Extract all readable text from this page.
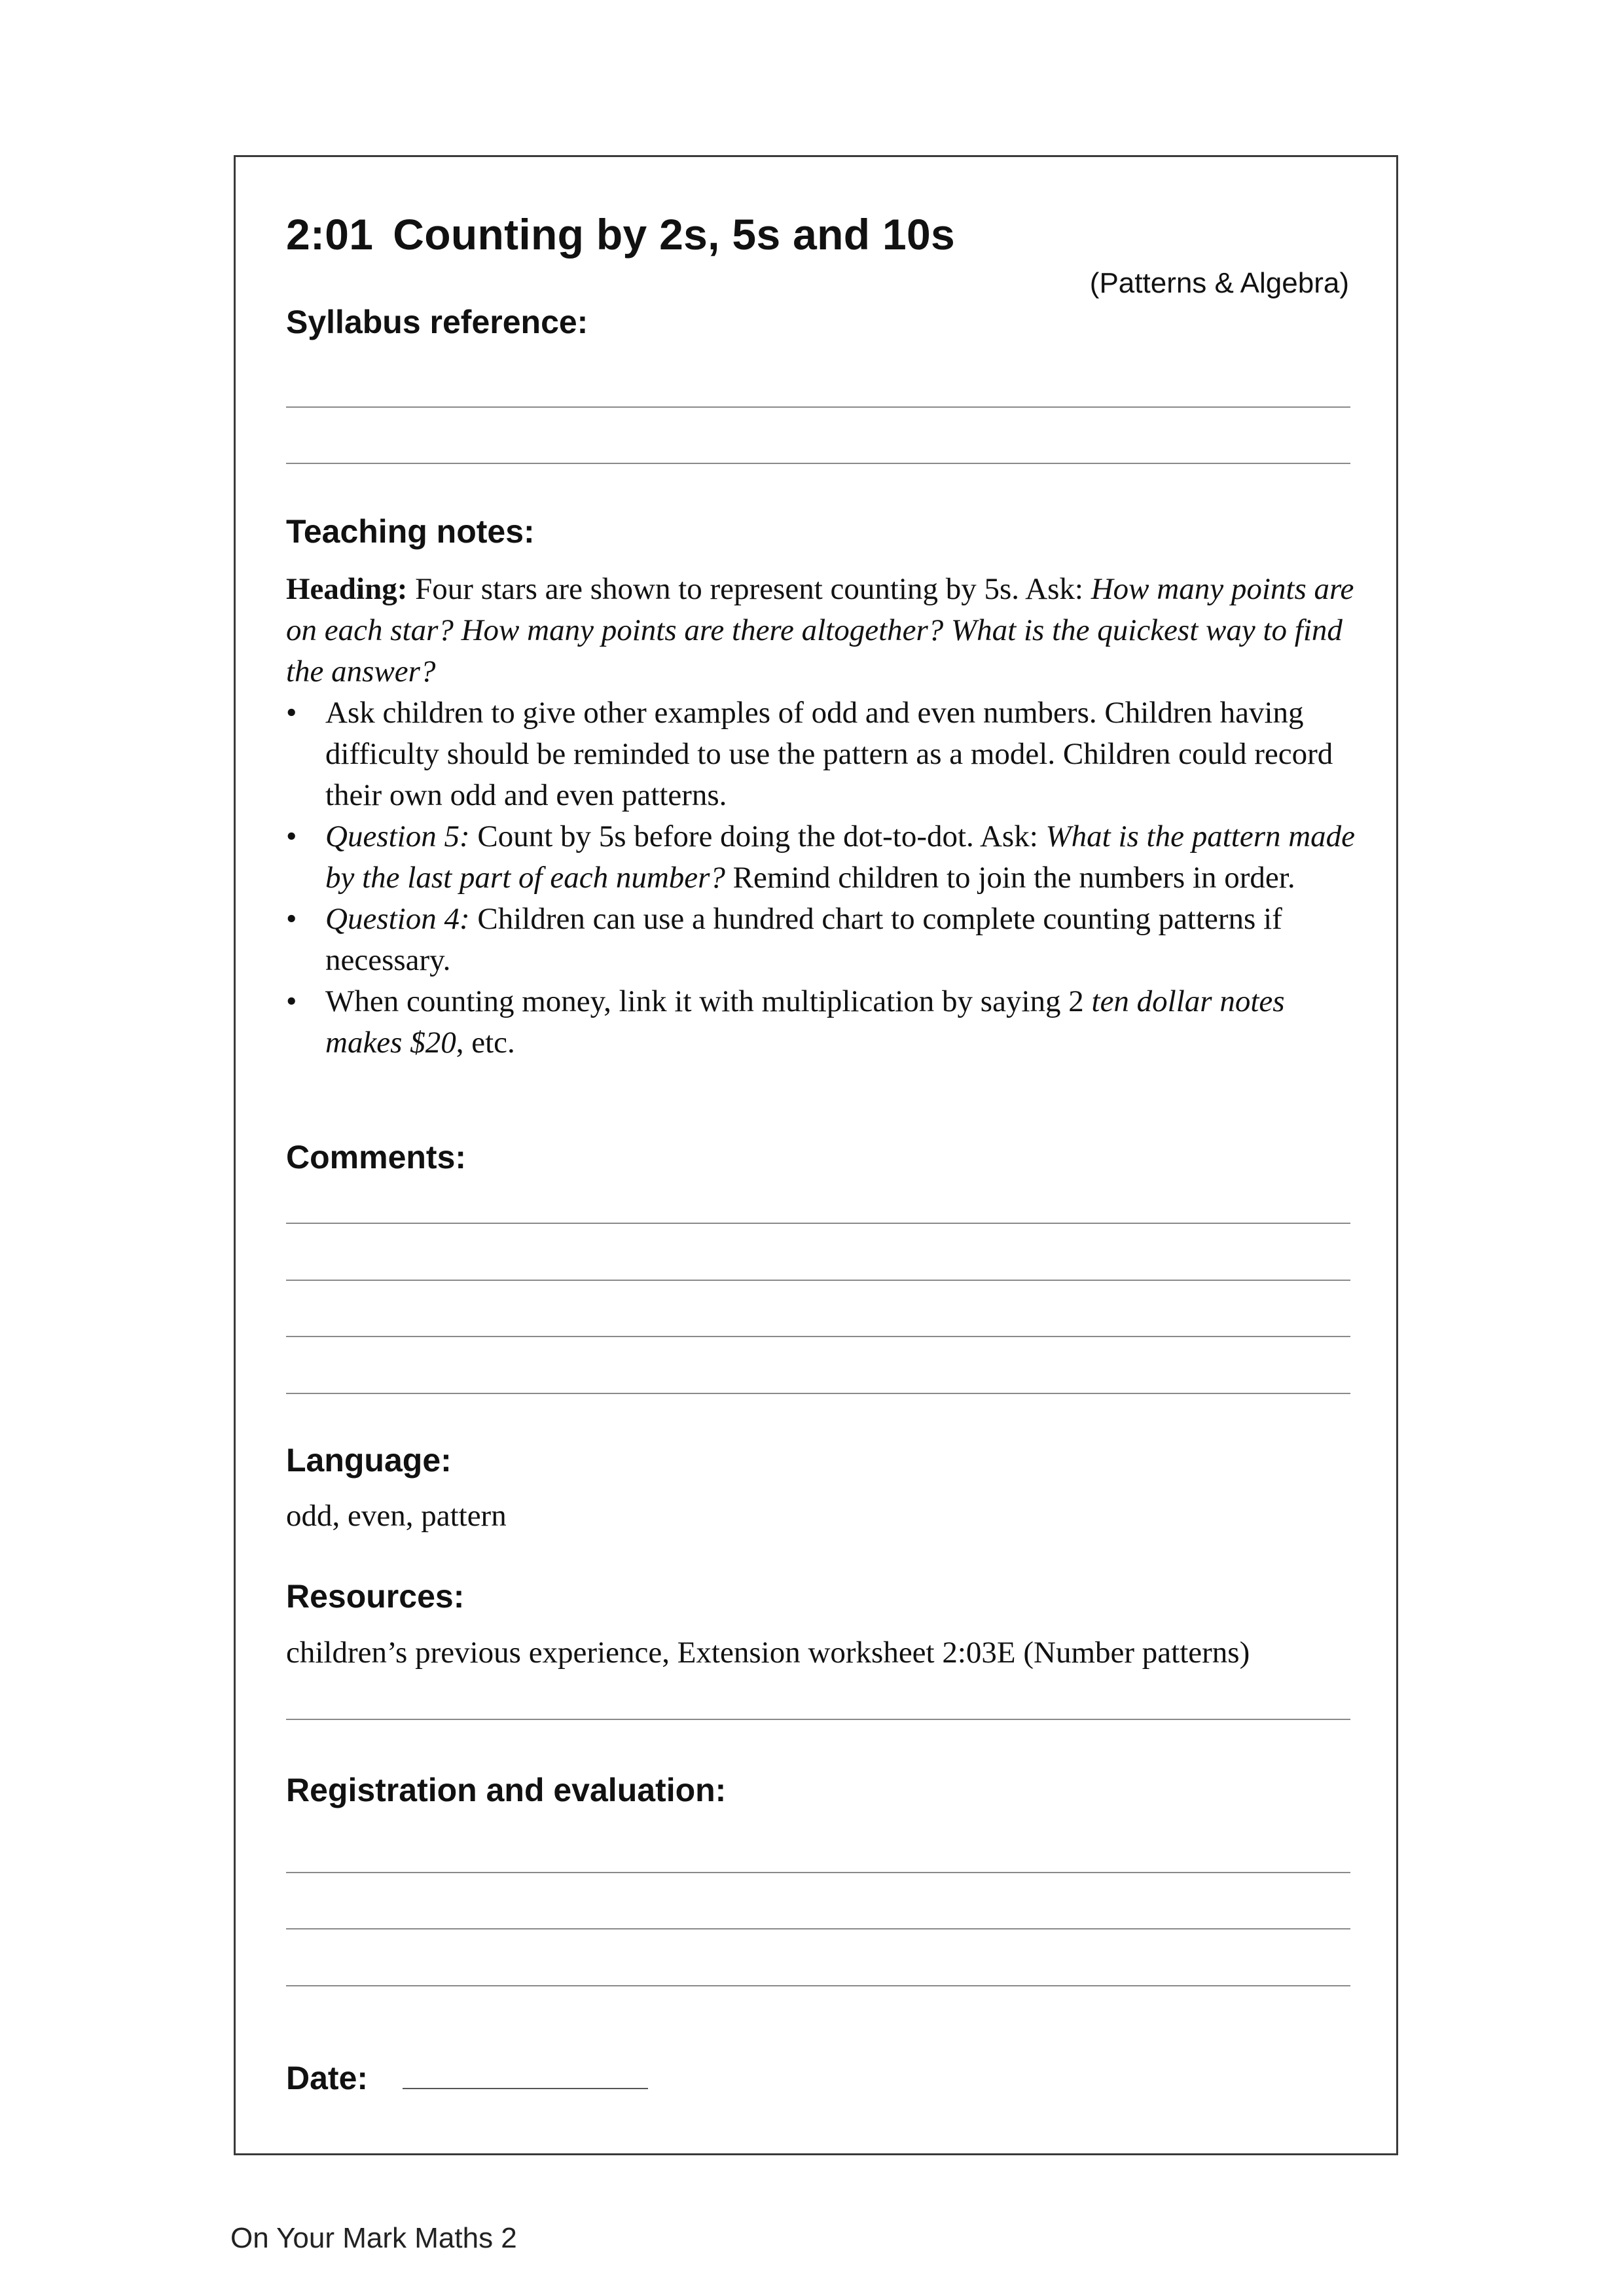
2:01 Counting by 2s, 5s and 10s
(Patterns & Algebra)
Syllabus reference:
Teaching notes:

Heading: Four stars are shown to represent counting by 5s. Ask: How many points are on each star? How many points are there altogether? What is the quickest way to find the answer?

• Ask children to give other examples of odd and even numbers. Children having difficulty should be reminded to use the pattern as a model. Children could record their own odd and even patterns.
• Question 5: Count by 5s before doing the dot-to-dot. Ask: What is the pattern made by the last part of each number? Remind children to join the numbers in order.
• Question 4: Children can use a hundred chart to complete counting patterns if necessary.
• When counting money, link it with multiplication by saying 2 ten dollar notes makes $20, etc.
Comments:
Language:
odd, even, pattern
Resources:
children’s previous experience, Extension worksheet 2:03E (Number patterns)
Registration and evaluation:
Date:
On Your Mark Maths 2
